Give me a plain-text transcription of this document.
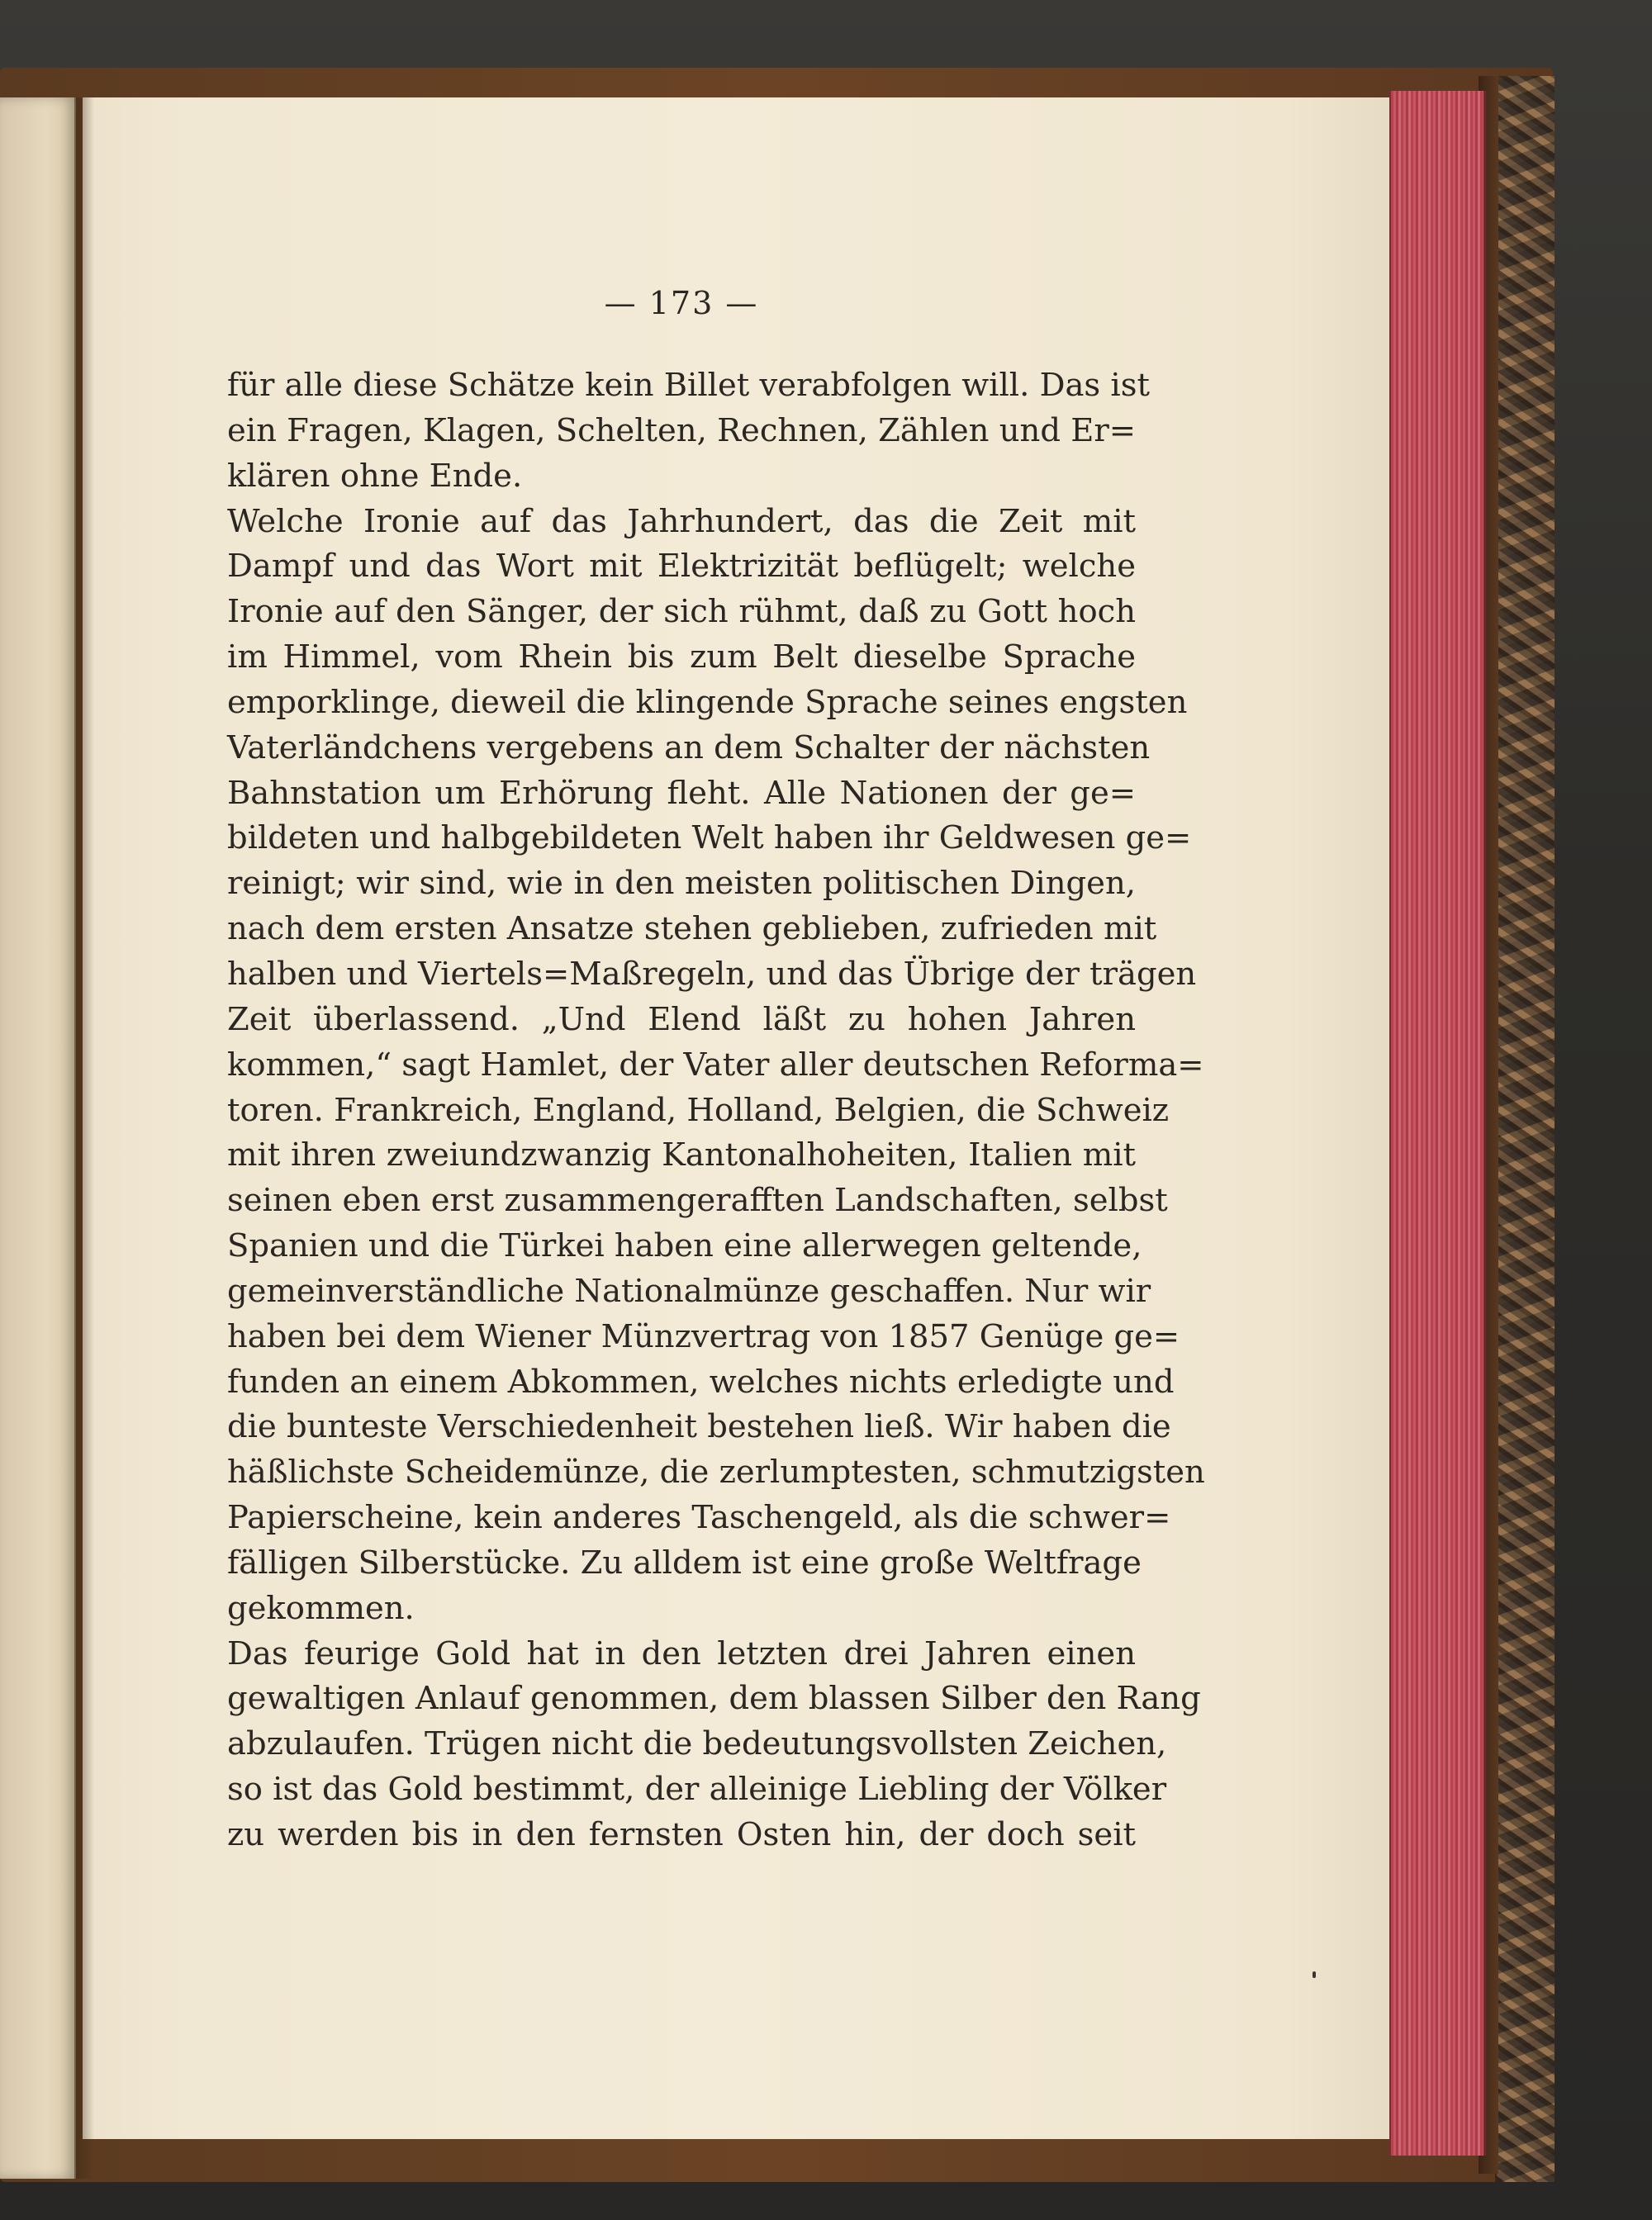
— 173 —
für alle diese Schätze kein Billet verabfolgen will. Das ist
ein Fragen, Klagen, Schelten, Rechnen, Zählen und Er=
klären ohne Ende.
Welche Ironie auf das Jahrhundert, das die Zeit mit
Dampf und das Wort mit Elektrizität beflügelt; welche
Ironie auf den Sänger, der sich rühmt, daß zu Gott hoch
im Himmel, vom Rhein bis zum Belt dieselbe Sprache
emporklinge, dieweil die klingende Sprache seines engsten
Vaterländchens vergebens an dem Schalter der nächsten
Bahnstation um Erhörung fleht. Alle Nationen der ge=
bildeten und halbgebildeten Welt haben ihr Geldwesen ge=
reinigt; wir sind, wie in den meisten politischen Dingen,
nach dem ersten Ansatze stehen geblieben, zufrieden mit
halben und Viertels=Maßregeln, und das Übrige der trägen
Zeit überlassend. „Und Elend läßt zu hohen Jahren
kommen,“ sagt Hamlet, der Vater aller deutschen Reforma=
toren. Frankreich, England, Holland, Belgien, die Schweiz
mit ihren zweiundzwanzig Kantonalhoheiten, Italien mit
seinen eben erst zusammengerafften Landschaften, selbst
Spanien und die Türkei haben eine allerwegen geltende,
gemeinverständliche Nationalmünze geschaffen. Nur wir
haben bei dem Wiener Münzvertrag von 1857 Genüge ge=
funden an einem Abkommen, welches nichts erledigte und
die bunteste Verschiedenheit bestehen ließ. Wir haben die
häßlichste Scheidemünze, die zerlumptesten, schmutzigsten
Papierscheine, kein anderes Taschengeld, als die schwer=
fälligen Silberstücke. Zu alldem ist eine große Weltfrage
gekommen.
Das feurige Gold hat in den letzten drei Jahren einen
gewaltigen Anlauf genommen, dem blassen Silber den Rang
abzulaufen. Trügen nicht die bedeutungsvollsten Zeichen,
so ist das Gold bestimmt, der alleinige Liebling der Völker
zu werden bis in den fernsten Osten hin, der doch seit
